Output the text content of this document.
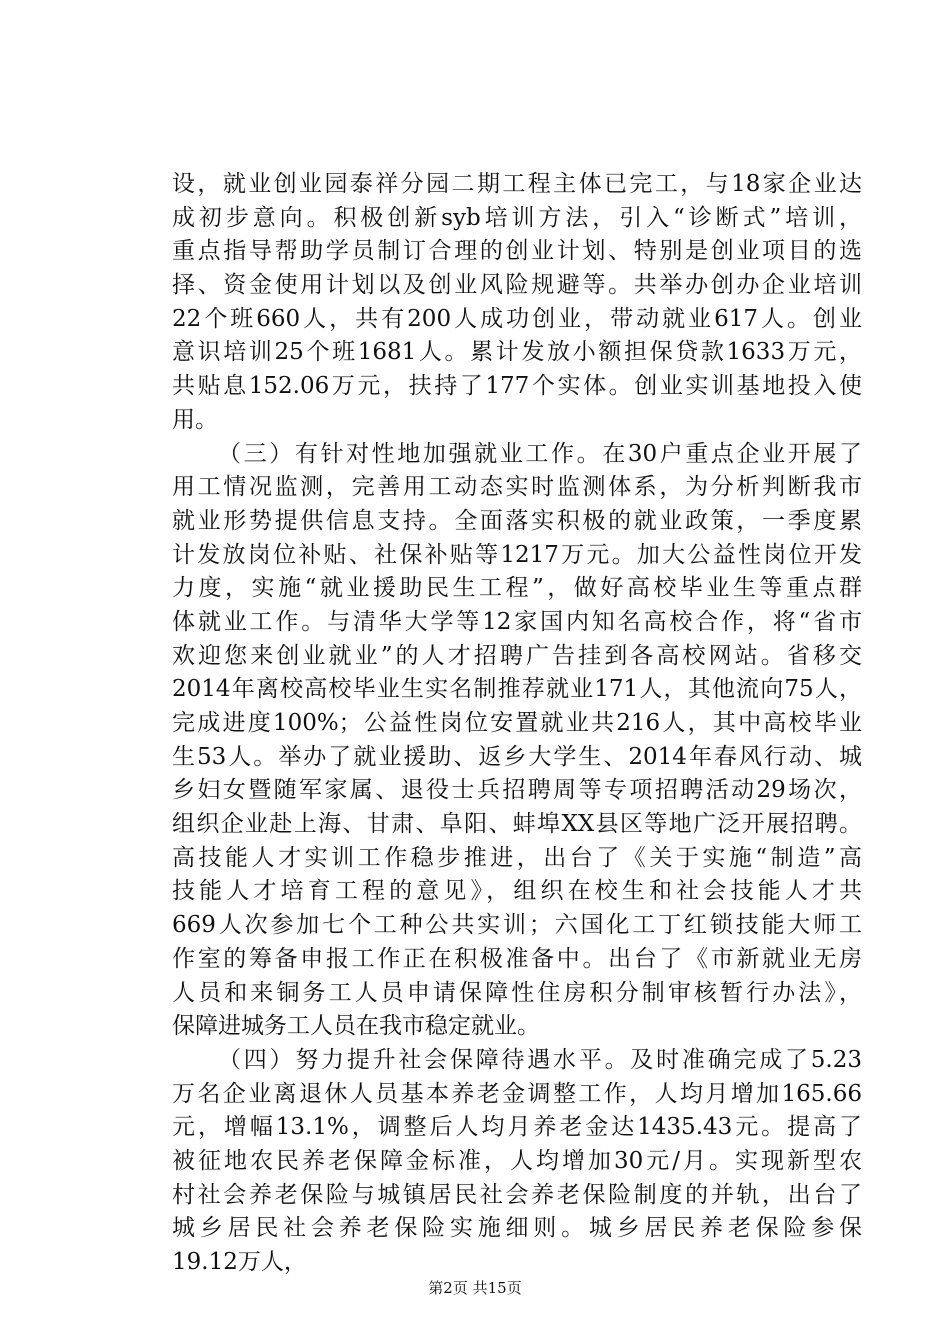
设，就业创业园泰祥分园二期工程主体已完工，与18家企业达
成初步意向。积极创新syb培训方法，引入“诊断式”培训，
重点指导帮助学员制订合理的创业计划、特别是创业项目的选
择、资金使用计划以及创业风险规避等。共举办创办企业培训
22个班660人，共有200人成功创业，带动就业617人。创业
意识培训25个班1681人。累计发放小额担保贷款1633万元，
共贴息152.06万元，扶持了177个实体。创业实训基地投入使
用。
（三）有针对性地加强就业工作。在30户重点企业开展了
用工情况监测，完善用工动态实时监测体系，为分析判断我市
就业形势提供信息支持。全面落实积极的就业政策，一季度累
计发放岗位补贴、社保补贴等1217万元。加大公益性岗位开发
力度，实施“就业援助民生工程”，做好高校毕业生等重点群
体就业工作。与清华大学等12家国内知名高校合作，将“省市
欢迎您来创业就业”的人才招聘广告挂到各高校网站。省移交
2014年离校高校毕业生实名制推荐就业171人，其他流向75人，
完成进度100%；公益性岗位安置就业共216人，其中高校毕业
生53人。举办了就业援助、返乡大学生、2014年春风行动、城
乡妇女暨随军家属、退役士兵招聘周等专项招聘活动29场次，
组织企业赴上海、甘肃、阜阳、蚌埠XX县区等地广泛开展招聘。
高技能人才实训工作稳步推进，出台了《关于实施“制造”高
技能人才培育工程的意见》，组织在校生和社会技能人才共
669人次参加七个工种公共实训；六国化工丁红锁技能大师工
作室的筹备申报工作正在积极准备中。出台了《市新就业无房
人员和来铜务工人员申请保障性住房积分制审核暂行办法》，
保障进城务工人员在我市稳定就业。
（四）努力提升社会保障待遇水平。及时准确完成了5.23
万名企业离退休人员基本养老金调整工作，人均月增加165.66
元，增幅13.1%，调整后人均月养老金达1435.43元。提高了
被征地农民养老保障金标准，人均增加30元/月。实现新型农
村社会养老保险与城镇居民社会养老保险制度的并轨，出台了
城乡居民社会养老保险实施细则。城乡居民养老保险参保
19.12万人，
第2页 共15页
